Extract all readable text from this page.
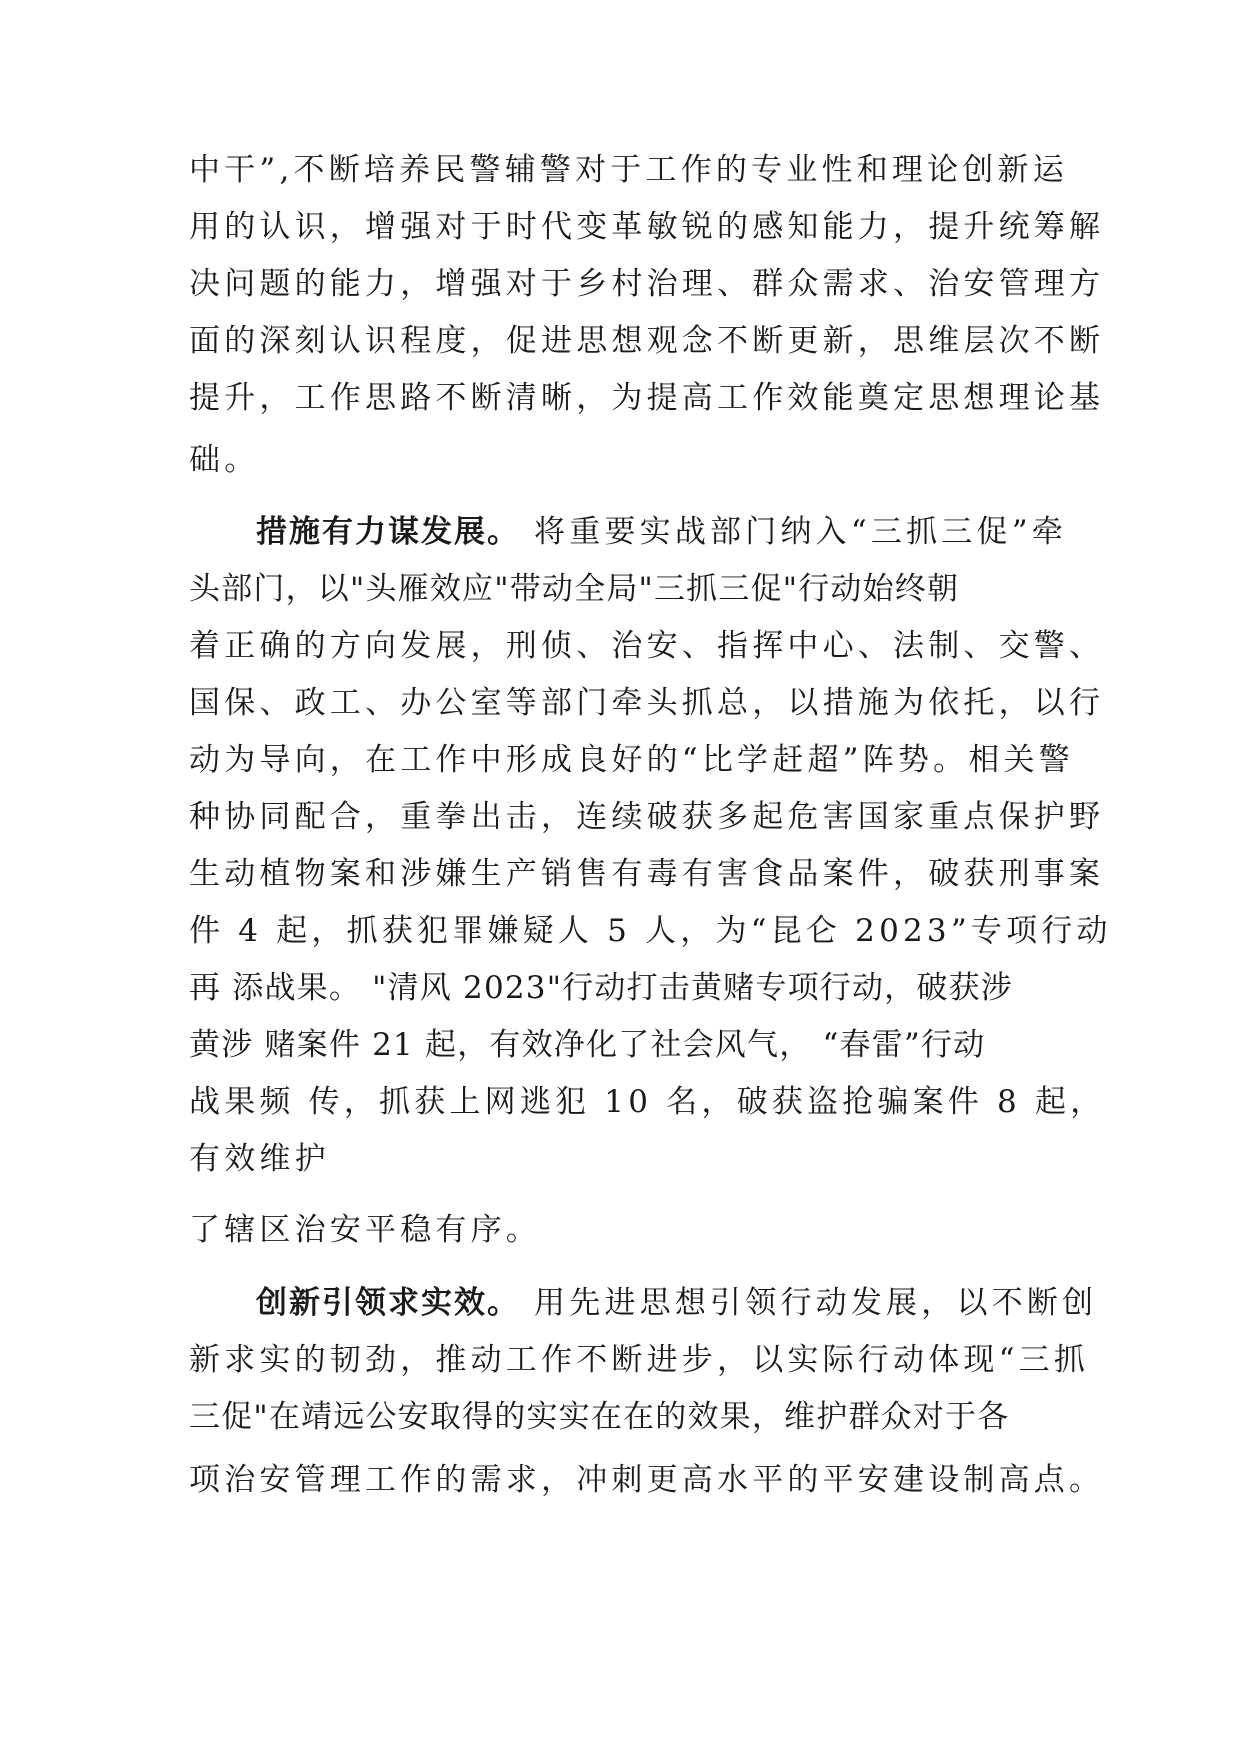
中干”,不断培养民警辅警对于工作的专业性和理论创新运
用的认识，增强对于时代变革敏锐的感知能力，提升统筹解
决问题的能力，增强对于乡村治理、群众需求、治安管理方
面的深刻认识程度，促进思想观念不断更新，思维层次不断
提升，工作思路不断清晰，为提高工作效能奠定思想理论基
础。
措施有力谋发展。 将重要实战部门纳入“三抓三促”牵
头部门，以"头雁效应"带动全局"三抓三促"行动始终朝
着正确的方向发展，刑侦、治安、指挥中心、法制、交警、
国保、政工、办公室等部门牵头抓总，以措施为依托，以行
动为导向，在工作中形成良好的“比学赶超”阵势。相关警
种协同配合，重拳出击，连续破获多起危害国家重点保护野
生动植物案和涉嫌生产销售有毒有害食品案件，破获刑事案
件 4 起，抓获犯罪嫌疑人 5 人，为“昆仑 2023”专项行动
再 添战果。 "清风 2023"行动打击黄赌专项行动，破获涉
黄涉 赌案件 21 起，有效净化了社会风气， “春雷”行动
战果频 传，抓获上网逃犯 10 名，破获盗抢骗案件 8 起，
有效维护
了辖区治安平稳有序。
创新引领求实效。 用先进思想引领行动发展，以不断创
新求实的韧劲，推动工作不断进步，以实际行动体现“三抓
三促"在靖远公安取得的实实在在的效果，维护群众对于各
项治安管理工作的需求，冲刺更高水平的平安建设制高点。
